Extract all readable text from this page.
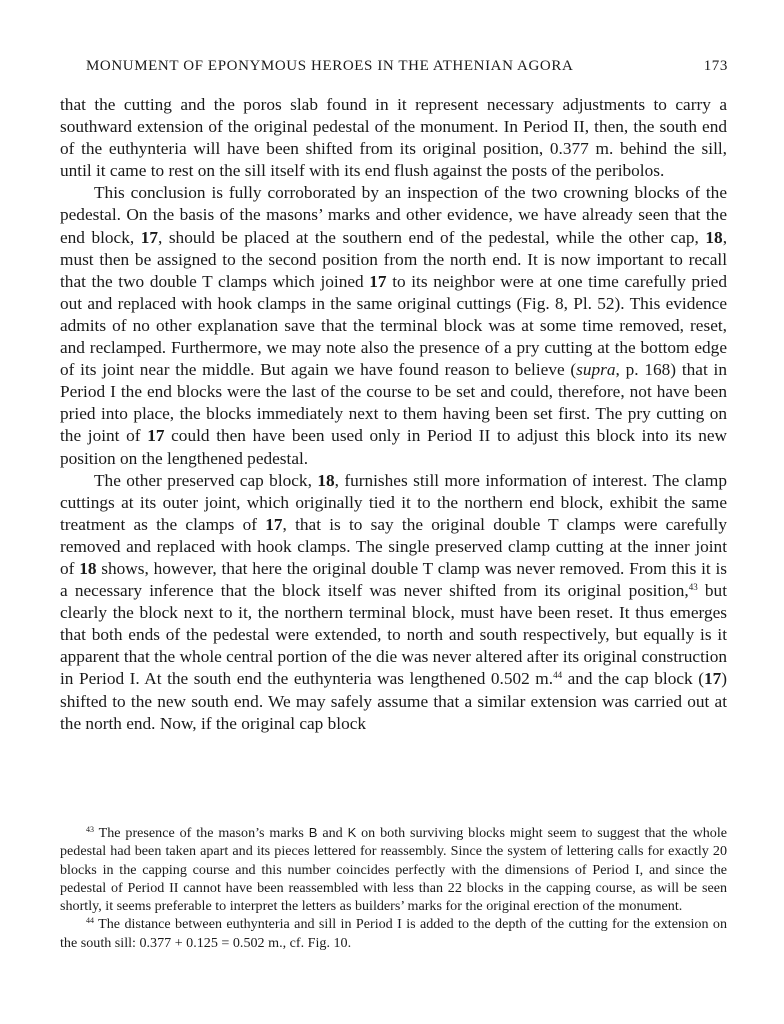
MONUMENT OF EPONYMOUS HEROES IN THE ATHENIAN AGORA	173

that the cutting and the poros slab found in it represent necessary adjustments to carry a southward extension of the original pedestal of the monument. In Period II, then, the south end of the euthynteria will have been shifted from its original position, 0.377 m. behind the sill, until it came to rest on the sill itself with its end flush against the posts of the peribolos.

This conclusion is fully corroborated by an inspection of the two crowning blocks of the pedestal. On the basis of the masons’ marks and other evidence, we have already seen that the end block, 17, should be placed at the southern end of the pedestal, while the other cap, 18, must then be assigned to the second position from the north end. It is now important to recall that the two double T clamps which joined 17 to its neighbor were at one time carefully pried out and replaced with hook clamps in the same original cuttings (Fig. 8, Pl. 52). This evidence admits of no other explanation save that the terminal block was at some time removed, reset, and reclamped. Furthermore, we may note also the presence of a pry cutting at the bottom edge of its joint near the middle. But again we have found reason to believe (supra, p. 168) that in Period I the end blocks were the last of the course to be set and could, therefore, not have been pried into place, the blocks immediately next to them having been set first. The pry cutting on the joint of 17 could then have been used only in Period II to adjust this block into its new position on the lengthened pedestal.

The other preserved cap block, 18, furnishes still more information of interest. The clamp cuttings at its outer joint, which originally tied it to the northern end block, exhibit the same treatment as the clamps of 17, that is to say the original double T clamps were carefully removed and replaced with hook clamps. The single preserved clamp cutting at the inner joint of 18 shows, however, that here the original double T clamp was never removed. From this it is a necessary inference that the block itself was never shifted from its original position,$^{43}$ but clearly the block next to it, the northern terminal block, must have been reset. It thus emerges that both ends of the pedestal were extended, to north and south respectively, but equally is it apparent that the whole central portion of the die was never altered after its original construction in Period I. At the south end the euthynteria was lengthened 0.502 m.$^{44}$ and the cap block (17) shifted to the new south end. We may safely assume that a similar extension was carried out at the north end. Now, if the original cap block

$^{43}$ The presence of the mason’s marks B and K on both surviving blocks might seem to suggest that the whole pedestal had been taken apart and its pieces lettered for reassembly. Since the system of lettering calls for exactly 20 blocks in the capping course and this number coincides perfectly with the dimensions of Period I, and since the pedestal of Period II cannot have been reassembled with less than 22 blocks in the capping course, as will be seen shortly, it seems preferable to interpret the letters as builders’ marks for the original erection of the monument.

$^{44}$ The distance between euthynteria and sill in Period I is added to the depth of the cutting for the extension on the south sill: 0.377 + 0.125 = 0.502 m., cf. Fig. 10.
